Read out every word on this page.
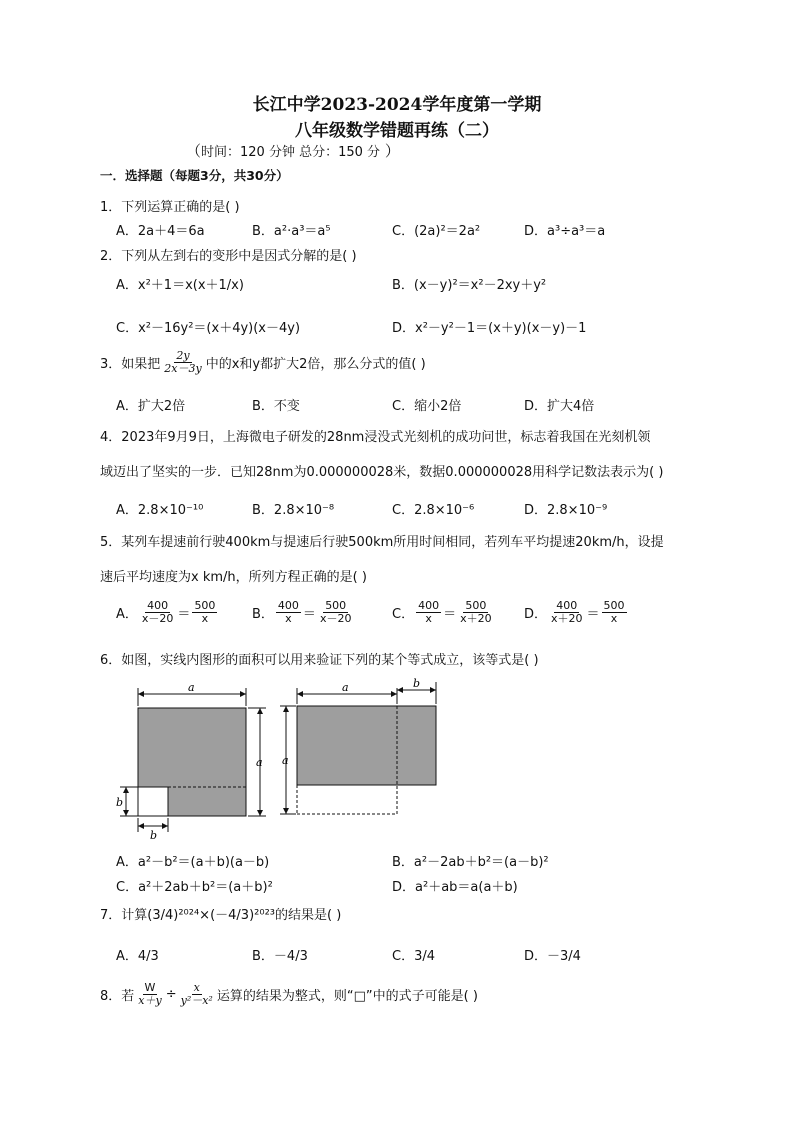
长江中学2023-2024学年度第一学期
八年级数学错题再练（二）
（时间：120 分钟 总分：150 分 ）
一．选择题（每题3分，共30分）
1．下列运算正确的是( )
A．2a＋4＝6a	B．a²·a³＝a⁵	C．(2a)²＝2a²	D．a³÷a³＝a
2．下列从左到右的变形中是因式分解的是( )
A．x²＋1＝x(x＋1/x)	B．(x－y)²＝x²－2xy＋y²
C．x²－16y²＝(x＋4y)(x－4y)	D．x²－y²－1＝(x＋y)(x－y)－1
3．如果把 $\frac{2y}{2x-3y}$ 中的x和y都扩大2倍，那么分式的值( )
A．扩大2倍	B．不变	C．缩小2倍	D．扩大4倍
4．2023年9月9日，上海微电子研发的28nm浸没式光刻机的成功问世，标志着我国在光刻机领
域迈出了坚实的一步．已知28nm为0.000000028米，数据0.000000028用科学记数法表示为( )
A．2.8×10⁻¹⁰	B．2.8×10⁻⁸	C．2.8×10⁻⁶	D．2.8×10⁻⁹
5．某列车提速前行驶400km与提速后行驶500km所用时间相同，若列车平均提速20km/h，设提
速后平均速度为x km/h，所列方程正确的是( )
A． $\frac{400}{x-20} = \frac{500}{x}$	B． $\frac{400}{x} = \frac{500}{x-20}$	C． $\frac{400}{x} = \frac{500}{x+20}$ D． $\frac{400}{x+20} = \frac{500}{x}$
6．如图，实线内图形的面积可以用来验证下列的某个等式成立，该等式是( )
a
a
b
b
a	b
a
A．a²－b²＝(a＋b)(a－b)	B．a²－2ab＋b²＝(a－b)²
C．a²＋2ab＋b²＝(a＋b)²	D．a²＋ab＝a(a＋b)
7．计算(3/4)²⁰²⁴×(－4/3)²⁰²³的结果是( )
A．4/3	B．－4/3	C．3/4	D．－3/4
8．若 $\frac{W}{x+y} \div \frac{x}{\text{y²－x²}}$ 运算的结果为整式，则“□”中的式子可能是( )
